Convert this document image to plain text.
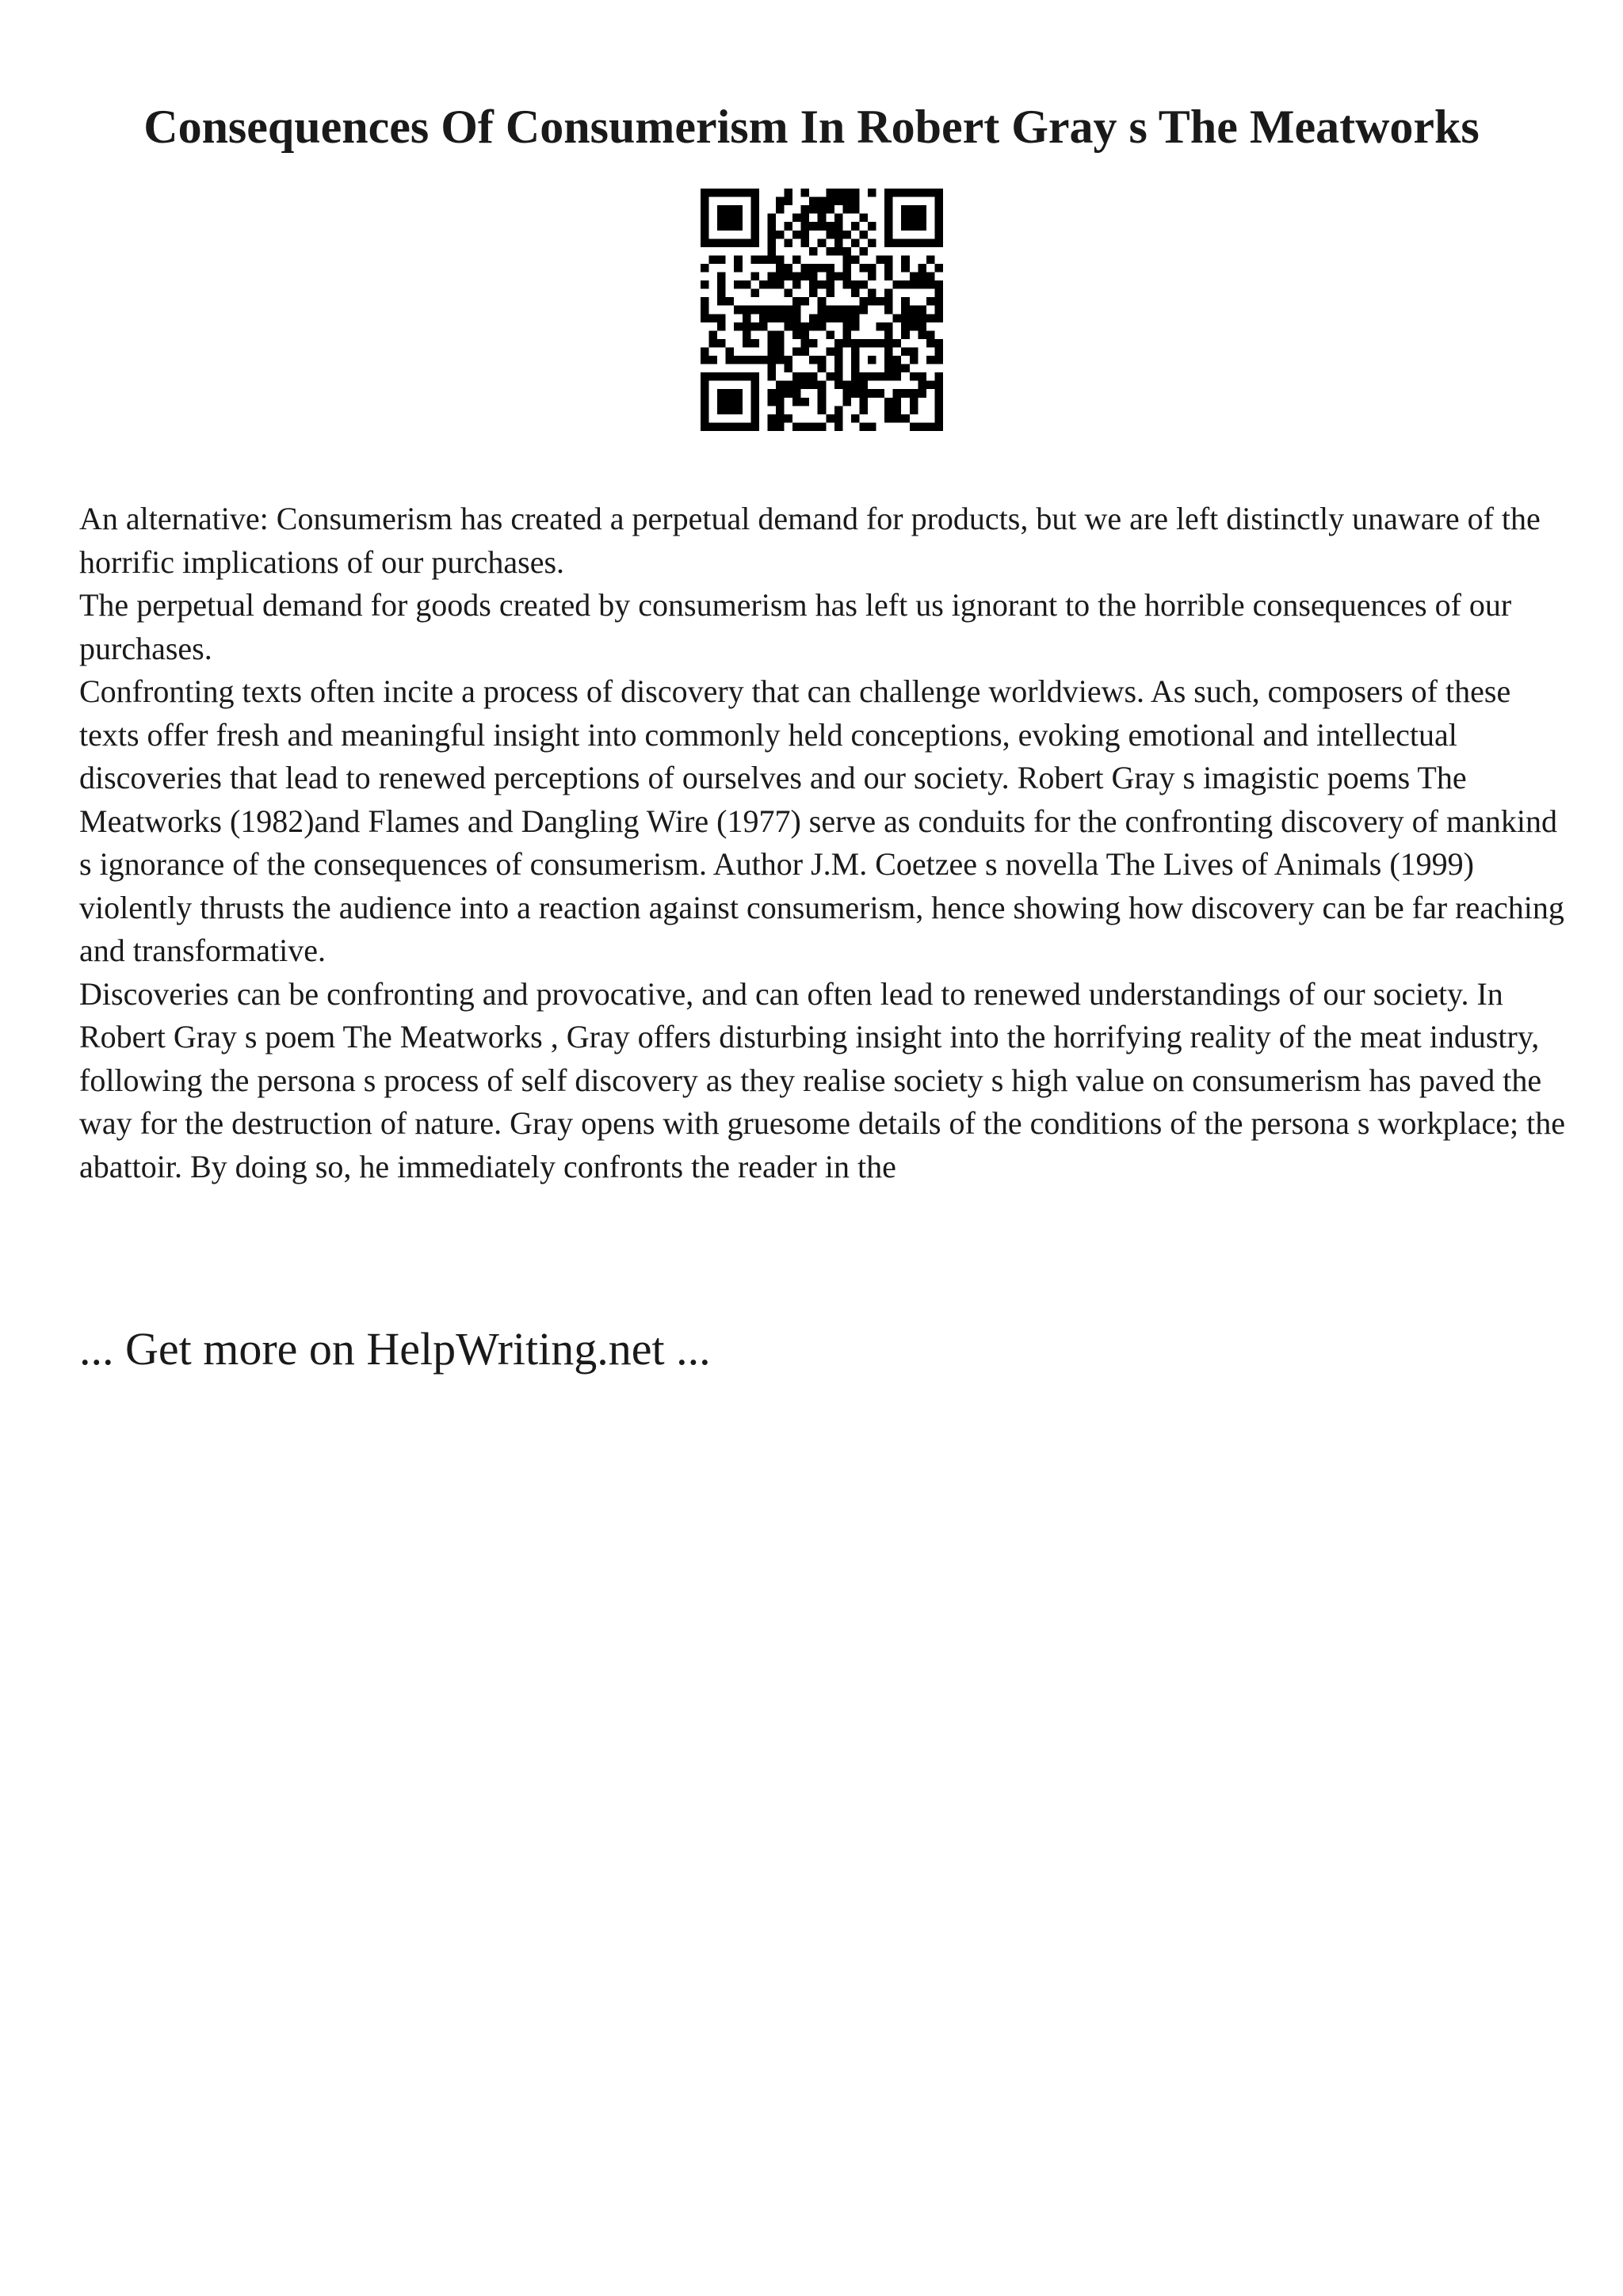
Consequences Of Consumerism In Robert Gray s The Meatworks

An alternative: Consumerism has created a perpetual demand for products, but we are left distinctly unaware of the horrific implications of our purchases.

The perpetual demand for goods created by consumerism has left us ignorant to the horrible consequences of our purchases.

Confronting texts often incite a process of discovery that can challenge worldviews. As such, composers of these texts offer fresh and meaningful insight into commonly held conceptions, evoking emotional and intellectual discoveries that lead to renewed perceptions of ourselves and our society. Robert Gray s imagistic poems The Meatworks (1982)and Flames and Dangling Wire (1977) serve as conduits for the confronting discovery of mankind s ignorance of the consequences of consumerism. Author J.M. Coetzee s novella The Lives of Animals (1999) violently thrusts the audience into a reaction against consumerism, hence showing how discovery can be far reaching and transformative.

Discoveries can be confronting and provocative, and can often lead to renewed understandings of our society. In Robert Gray s poem The Meatworks , Gray offers disturbing insight into the horrifying reality of the meat industry, following the persona s process of self discovery as they realise society s high value on consumerism has paved the way for the destruction of nature. Gray opens with gruesome details of the conditions of the persona s workplace; the abattoir. By doing so, he immediately confronts the reader in the

... Get more on HelpWriting.net ...
